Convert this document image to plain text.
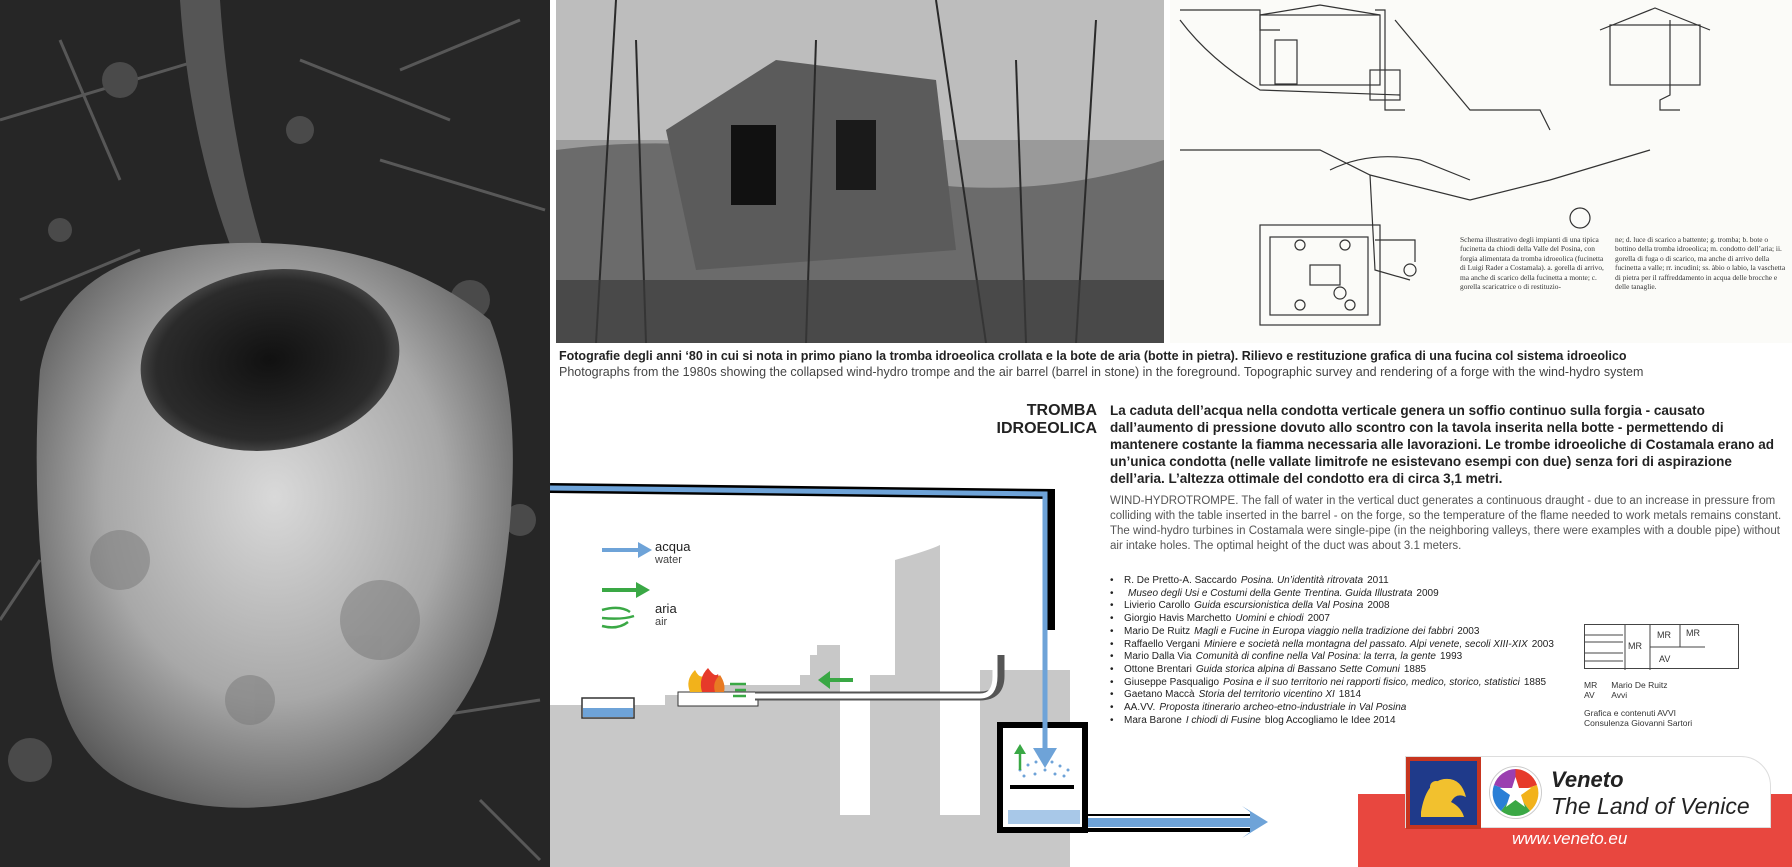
Schema illustrativo degli impianti di una tipica fucinetta da chiodi della Valle del Posina, con forgia alimentata da tromba idroeolica (fucinetta di Luigi Rader a Costamala). a. gorella di arrivo, ma anche di scarico della fucinetta a monte; c. gorella scaricatrice o di restituzio-
ne; d. luce di scarico a battente; g. tromba; b. bote o bottino della tromba idroeolica; m. condotto dell’aria; ii. gorella di fuga o di scarico, ma anche di arrivo della fucinetta a valle; rr. incudini; ss. àbio o labio, la vaschetta di pietra per il raffreddamento in acqua delle brocche e delle tanaglie.
Fotografie degli anni ‘80 in cui si nota in primo piano la tromba idroeolica crollata e la bote de aria (botte in pietra). Rilievo e restituzione grafica di una fucina col sistema idroeolico
Photographs from the 1980s showing the collapsed wind-hydro trompe and the air barrel (barrel in stone) in the foreground. Topographic survey and rendering of a forge with the wind-hydro system
TROMBA
IDROEOLICA
La caduta dell’acqua nella condotta verticale genera un soffio continuo sulla forgia - causato dall’aumento di pressione dovuto allo scontro con la tavola inserita nella botte - permettendo di mantenere costante la fiamma necessaria alle lavorazioni. Le trombe idroeoliche di Costamala erano ad un’unica condotta (nelle vallate limitrofe ne esistevano esempi con due) senza fori di aspirazione dell’aria. L’altezza ottimale del condotto era di circa 3,1 metri.
WIND-HYDROTROMPE. The fall of water in the vertical duct generates a continuous draught - due to an increase in pressure from colliding with the table inserted in the barrel - on the forge, so the temperature of the flame needed to work metals remains constant. The wind-hydro turbines in Costamala were single-pipe (in the neighboring valleys, there were examples with a double pipe) without air intake holes. The optimal height of the duct was about 3.1 meters.
• R. De Pretto-A. Saccardo Posina. Un’identità ritrovata 2011
• Museo degli Usi e Costumi della Gente Trentina. Guida Illustrata 2009
• Livierio Carollo Guida escursionistica della Val Posina 2008
• Giorgio Havis Marchetto Uomini e chiodi 2007
• Mario De Ruitz Magli e Fucine in Europa viaggio nella tradizione dei fabbri 2003
• Raffaello Vergani Miniere e società nella montagna del passato. Alpi venete, secoli XIII-XIX 2003
• Mario Dalla Via Comunità di confine nella Val Posina: la terra, la gente 1993
• Ottone Brentari Guida storica alpina di Bassano Sette Comuni 1885
• Giuseppe Pasqualigo Posina e il suo territorio nei rapporti fisico, medico, storico, statistici 1885
• Gaetano Maccà Storia del territorio vicentino XI 1814
• AA.VV. Proposta itinerario archeo-etno-industriale in Val Posina
• Mara Barone I chiodi di Fusine blog Accogliamo le Idee 2014
acqua
water
aria
air
MR
MR MR
AV
MR
AV
Mario De Ruitz
Avvi
Grafica e contenuti AVVI
Consulenza Giovanni Sartori
Veneto
The Land of Venice
www.veneto.eu
